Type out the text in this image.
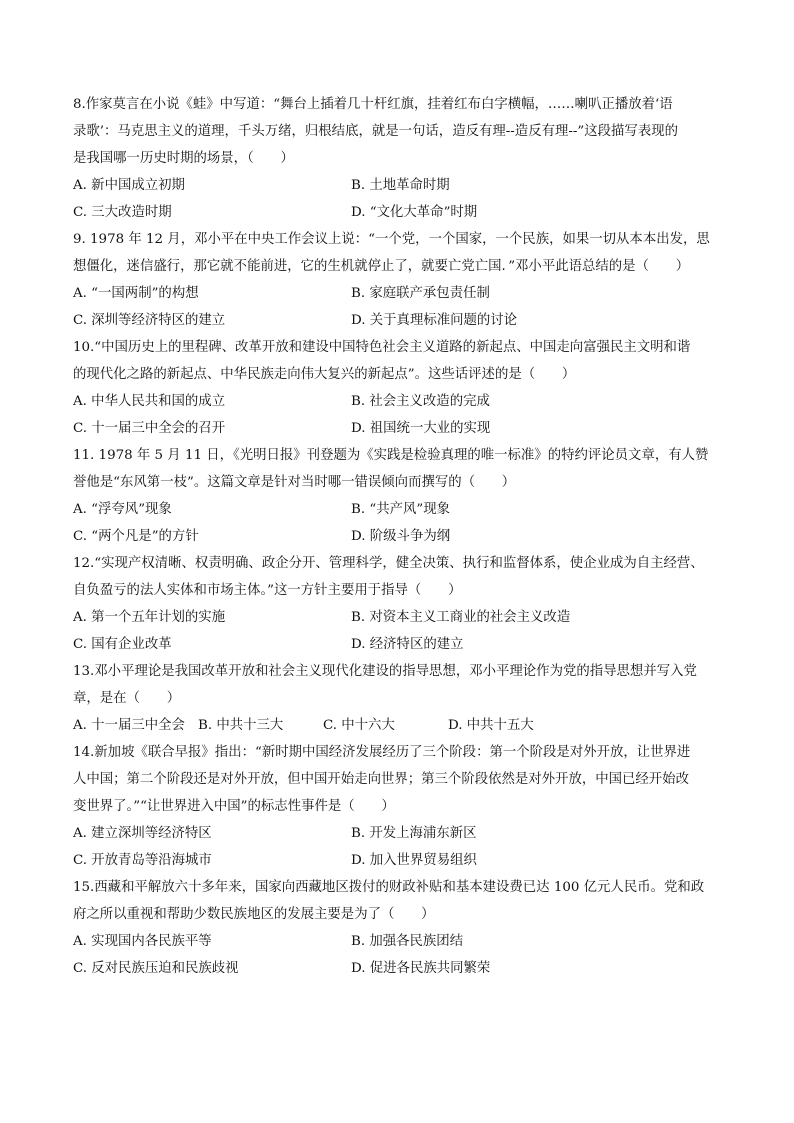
8.作家莫言在小说《蛙》中写道：“舞台上插着几十杆红旗，挂着红布白字横幅，……喇叭正播放着‘语
录歌’：马克思主义的道理，千头万绪，归根结底，就是一句话，造反有理--造反有理--”这段描写表现的
是我国哪一历史时期的场景，（　　）
A. 新中国成立初期	B. 土地革命时期
C. 三大改造时期	D. “文化大革命”时期
9. 1978 年 12 月，邓小平在中央工作会议上说：“一个党，一个国家，一个民族，如果一切从本本出发，思
想僵化，迷信盛行，那它就不能前进，它的生机就停止了，就要亡党亡国．”邓小平此语总结的是（　　）
A. “一国两制”的构想	B. 家庭联产承包责任制
C. 深圳等经济特区的建立	D. 关于真理标准问题的讨论
10.“中国历史上的里程碑、改革开放和建设中国特色社会主义道路的新起点、中国走向富强民主文明和谐
的现代化之路的新起点、中华民族走向伟大复兴的新起点”。这些话评述的是（　　）
A. 中华人民共和国的成立	B. 社会主义改造的完成
C. 十一届三中全会的召开	D. 祖国统一大业的实现
11. 1978 年 5 月 11 日，《光明日报》刊登题为《实践是检验真理的唯一标准》的特约评论员文章，有人赞
誉他是“东风第一枝”。这篇文章是针对当时哪一错误倾向而撰写的（　　）
A. “浮夸风”现象	B. “共产风”现象
C. “两个凡是”的方针	D. 阶级斗争为纲
12.“实现产权清晰、权责明确、政企分开、管理科学，健全决策、执行和监督体系，使企业成为自主经营、
自负盈亏的法人实体和市场主体。”这一方针主要用于指导（　　）
A. 第一个五年计划的实施	B. 对资本主义工商业的社会主义改造
C. 国有企业改革	D. 经济特区的建立
13.邓小平理论是我国改革开放和社会主义现代化建设的指导思想，邓小平理论作为党的指导思想并写入党
章，是在（　　）
A. 十一届三中全会 B. 中共十三大	C. 中十六大	D. 中共十五大
14.新加坡《联合早报》指出：“新时期中国经济发展经历了三个阶段：第一个阶段是对外开放，让世界进
人中国；第二个阶段还是对外开放，但中国开始走向世界；第三个阶段依然是对外开放，中国已经开始改
变世界了。”“让世界进入中国”的标志性事件是（　　）
A. 建立深圳等经济特区	B. 开发上海浦东新区
C. 开放青岛等沿海城市	D. 加入世界贸易组织
15.西藏和平解放六十多年来，国家向西藏地区拨付的财政补贴和基本建设费已达 100 亿元人民币。党和政
府之所以重视和帮助少数民族地区的发展主要是为了（　　）
A. 实现国内各民族平等	B. 加强各民族团结
C. 反对民族压迫和民族歧视	D. 促进各民族共同繁荣
